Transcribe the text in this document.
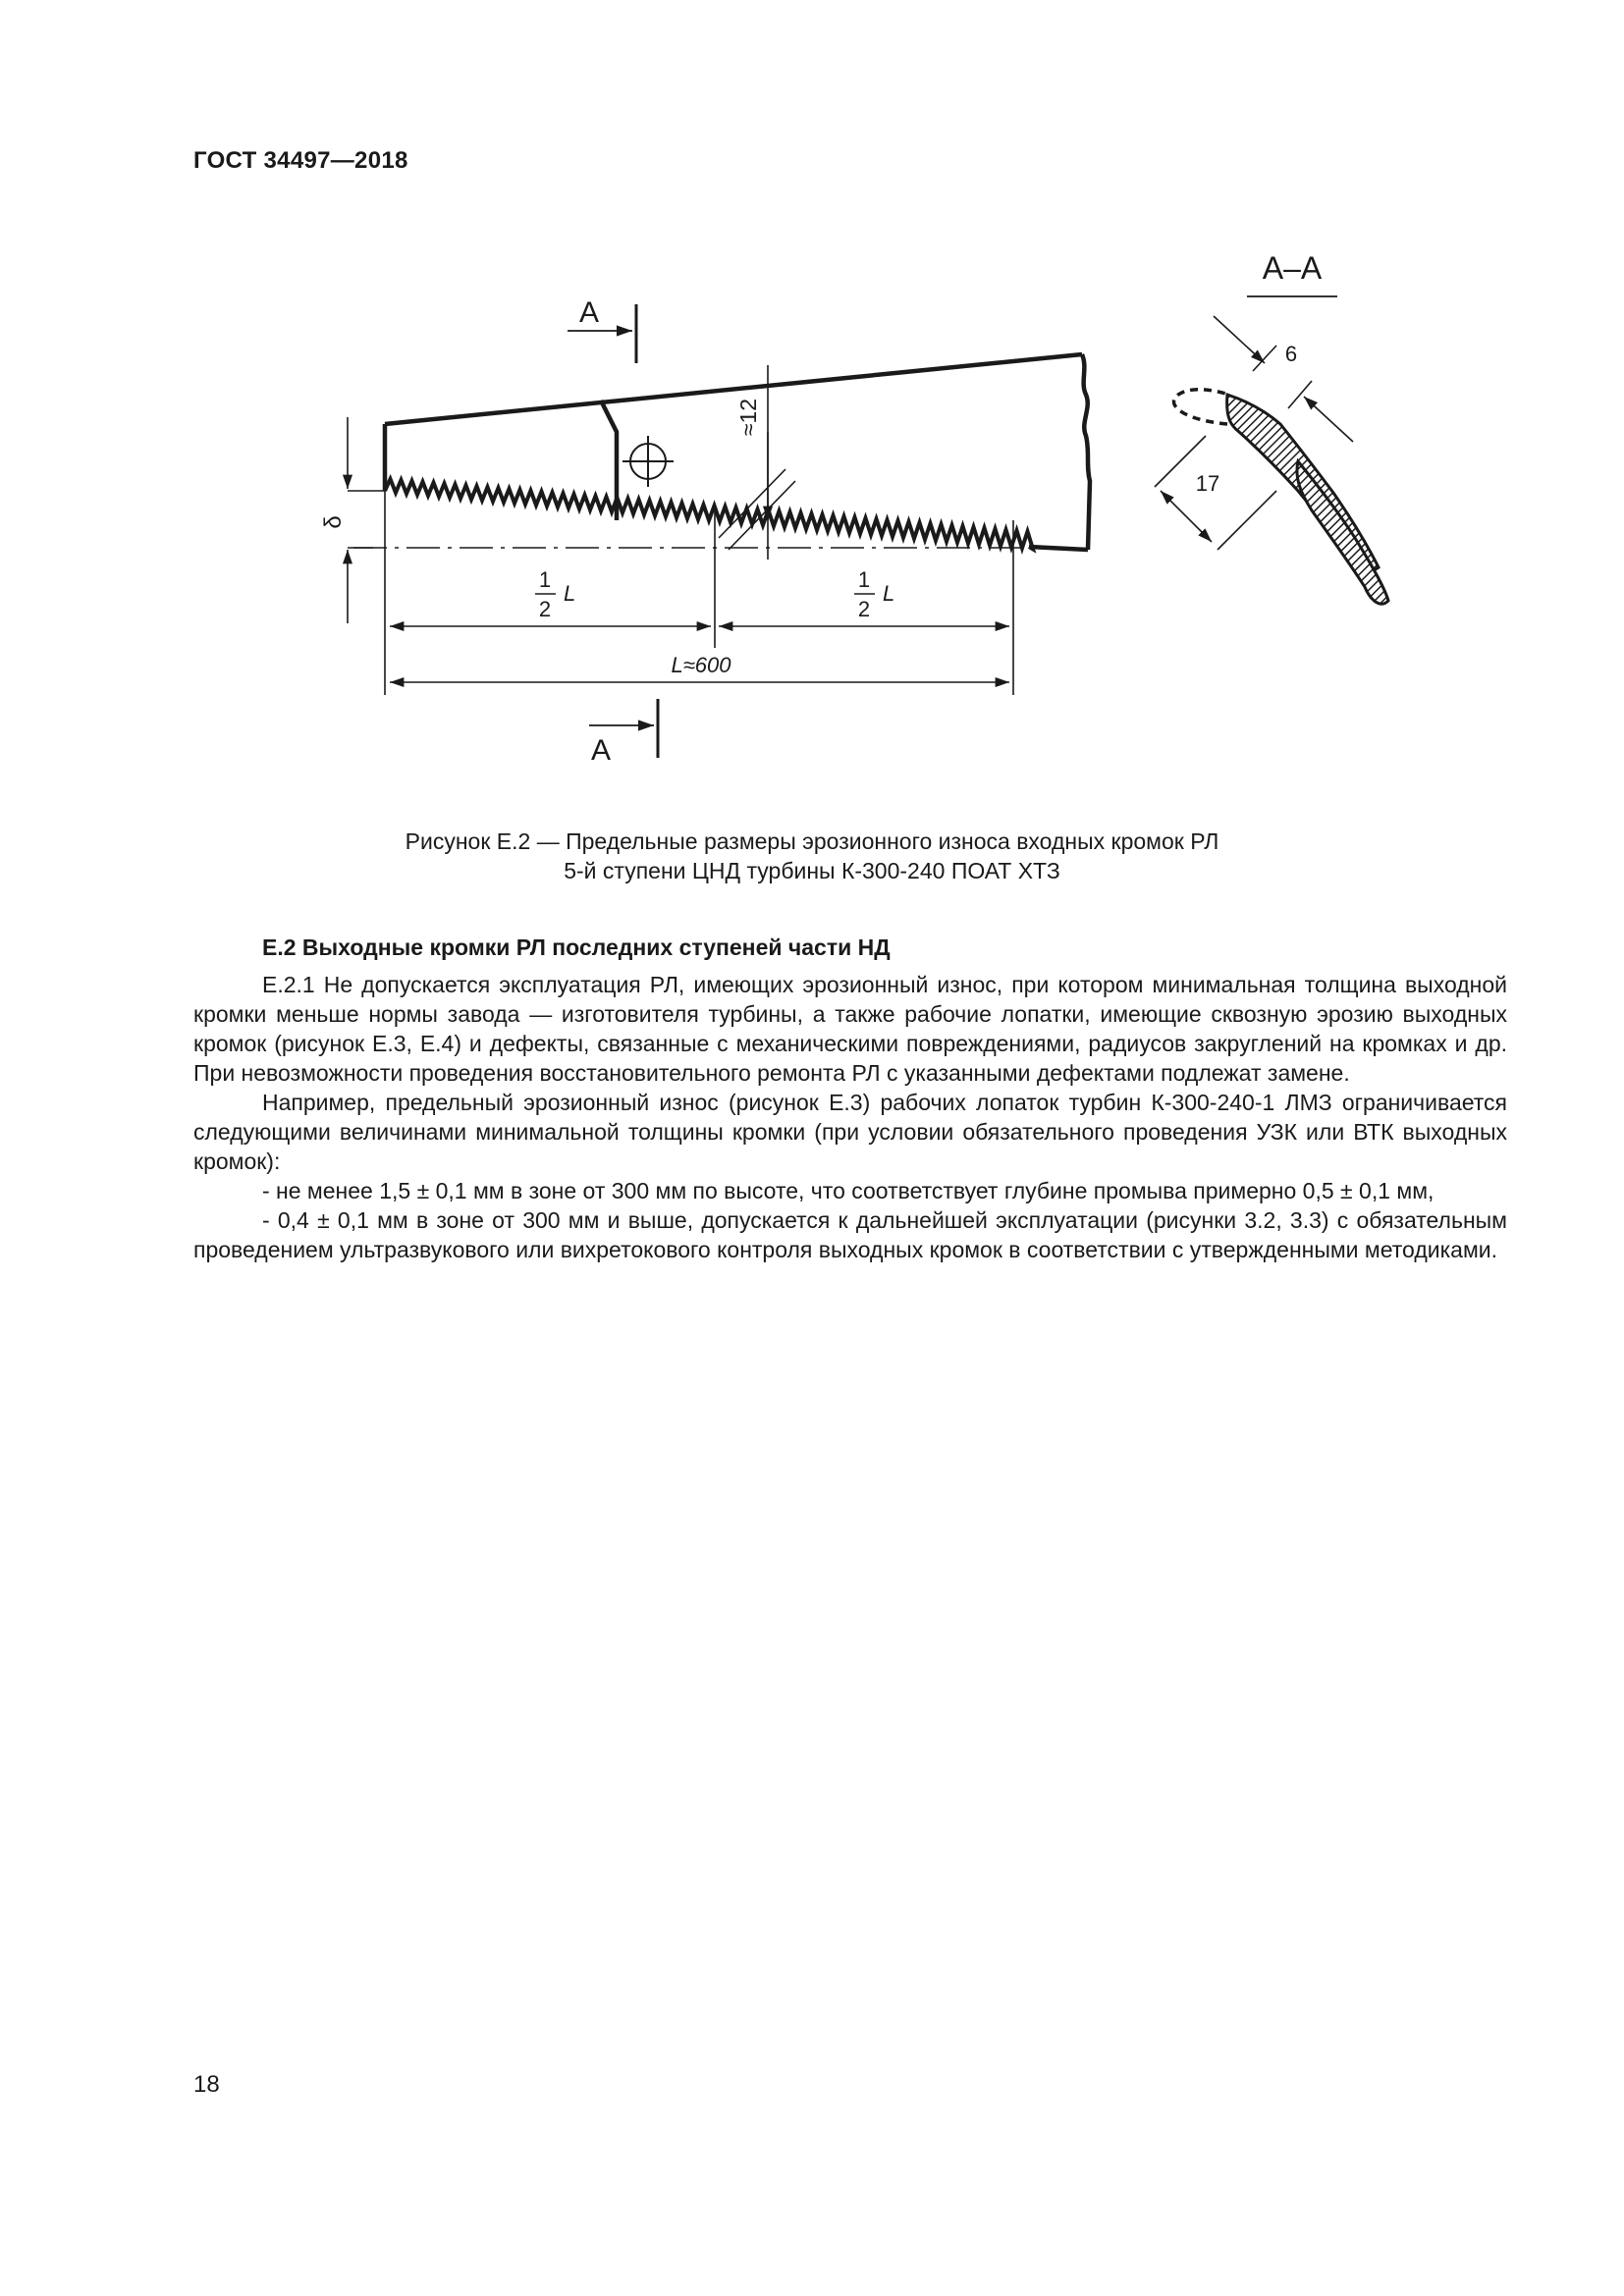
ГОСТ 34497—2018
δ
≈12
1
2
L
1
2
L
L≈600
А
А
А–А
6
17
Рисунок Е.2 — Предельные размеры эрозионного износа входных кромок РЛ
5-й ступени ЦНД турбины К-300-240 ПОАТ ХТЗ
Е.2 Выходные кромки РЛ последних ступеней части НД

Е.2.1 Не допускается эксплуатация РЛ, имеющих эрозионный износ, при котором минимальная толщина выходной кромки меньше нормы завода — изготовителя турбины, а также рабочие лопатки, имеющие сквозную эрозию выходных кромок (рисунок Е.3, Е.4) и дефекты, связанные с механическими повреждениями, радиусов закруглений на кромках и др. При невозможности проведения восстановительного ремонта РЛ с указанными дефектами подлежат замене.

Например, предельный эрозионный износ (рисунок Е.3) рабочих лопаток турбин К-300-240-1 ЛМЗ ограничивается следующими величинами минимальной толщины кромки (при условии обязательного проведения УЗК или ВТК выходных кромок):

- не менее 1,5 ± 0,1 мм в зоне от 300 мм по высоте, что соответствует глубине промыва примерно 0,5 ± 0,1 мм,

- 0,4 ± 0,1 мм в зоне от 300 мм и выше, допускается к дальнейшей эксплуатации (рисунки 3.2, 3.3) с обязательным проведением ультразвукового или вихретокового контроля выходных кромок в соответствии с утвержденными методиками.

18
